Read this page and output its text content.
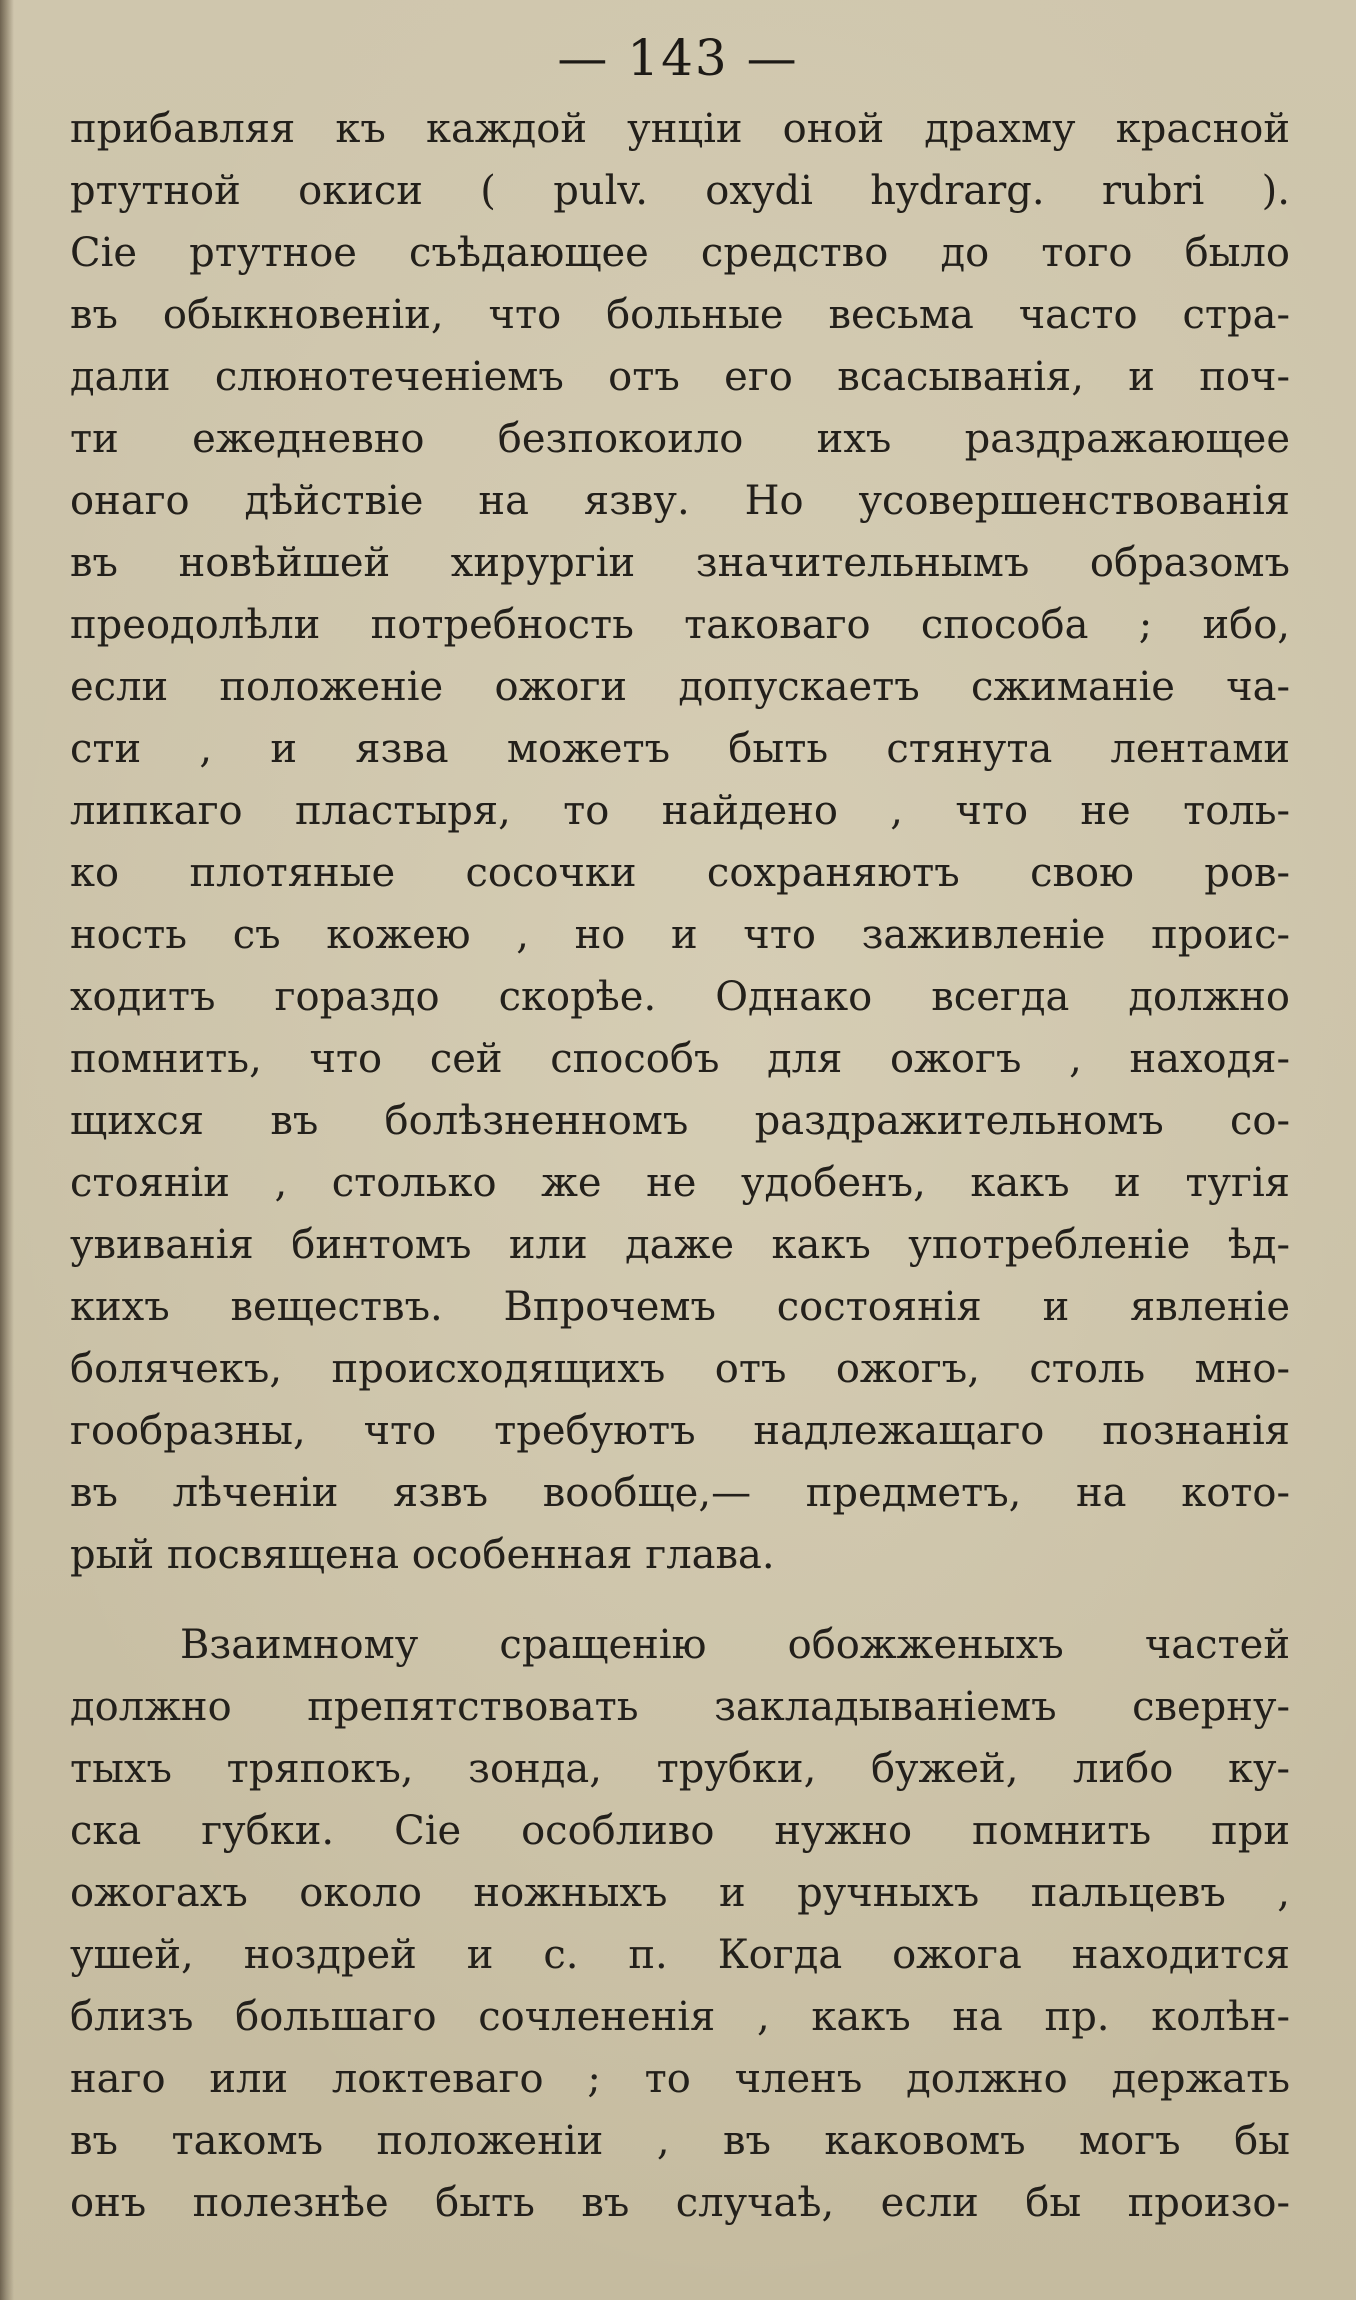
— 143 —
прибавляя къ каждой унціи оной драхму красной
ртутной окиси ( pulv. oxydi hydrarg. rubri ).
Сіе ртутное съѣдающее средство до того было
въ обыкновеніи, что больные весьма часто стра-
дали слюнотеченіемъ отъ его всасыванія, и поч-
ти ежедневно безпокоило ихъ раздражающее
онаго дѣйствіе на язву. Но усовершенствованія
въ новѣйшей хирургіи значительнымъ образомъ
преодолѣли потребность таковаго способа ; ибо,
если положеніе ожоги допускаетъ сжиманіе ча-
сти , и язва можетъ быть стянута лентами
липкаго пластыря, то найдено , что не толь-
ко плотяные сосочки сохраняютъ свою ров-
ность съ кожею , но и что заживленіе проис-
ходитъ гораздо скорѣе. Однако всегда должно
помнить, что сей способъ для ожогъ , находя-
щихся въ болѣзненномъ раздражительномъ со-
стояніи , столько же не удобенъ, какъ и тугія
увиванія бинтомъ или даже какъ употребленіе ѣд-
кихъ веществъ. Впрочемъ состоянія и явленіе
болячекъ, происходящихъ отъ ожогъ, столь мно-
гообразны, что требуютъ надлежащаго познанія
въ лѣченіи язвъ вообще,— предметъ, на кото-
рый посвящена особенная глава.
Взаимному сращенію обожженыхъ частей
должно препятствовать закладываніемъ сверну-
тыхъ тряпокъ, зонда, трубки, бужей, либо ку-
ска губки. Сіе особливо нужно помнить при
ожогахъ около ножныхъ и ручныхъ пальцевъ ,
ушей, ноздрей и с. п. Когда ожога находится
близъ большаго сочлененія , какъ на пр. колѣн-
наго или локтеваго ; то членъ должно держать
въ такомъ положеніи , въ каковомъ могъ бы
онъ полезнѣе быть въ случаѣ, если бы произо-
